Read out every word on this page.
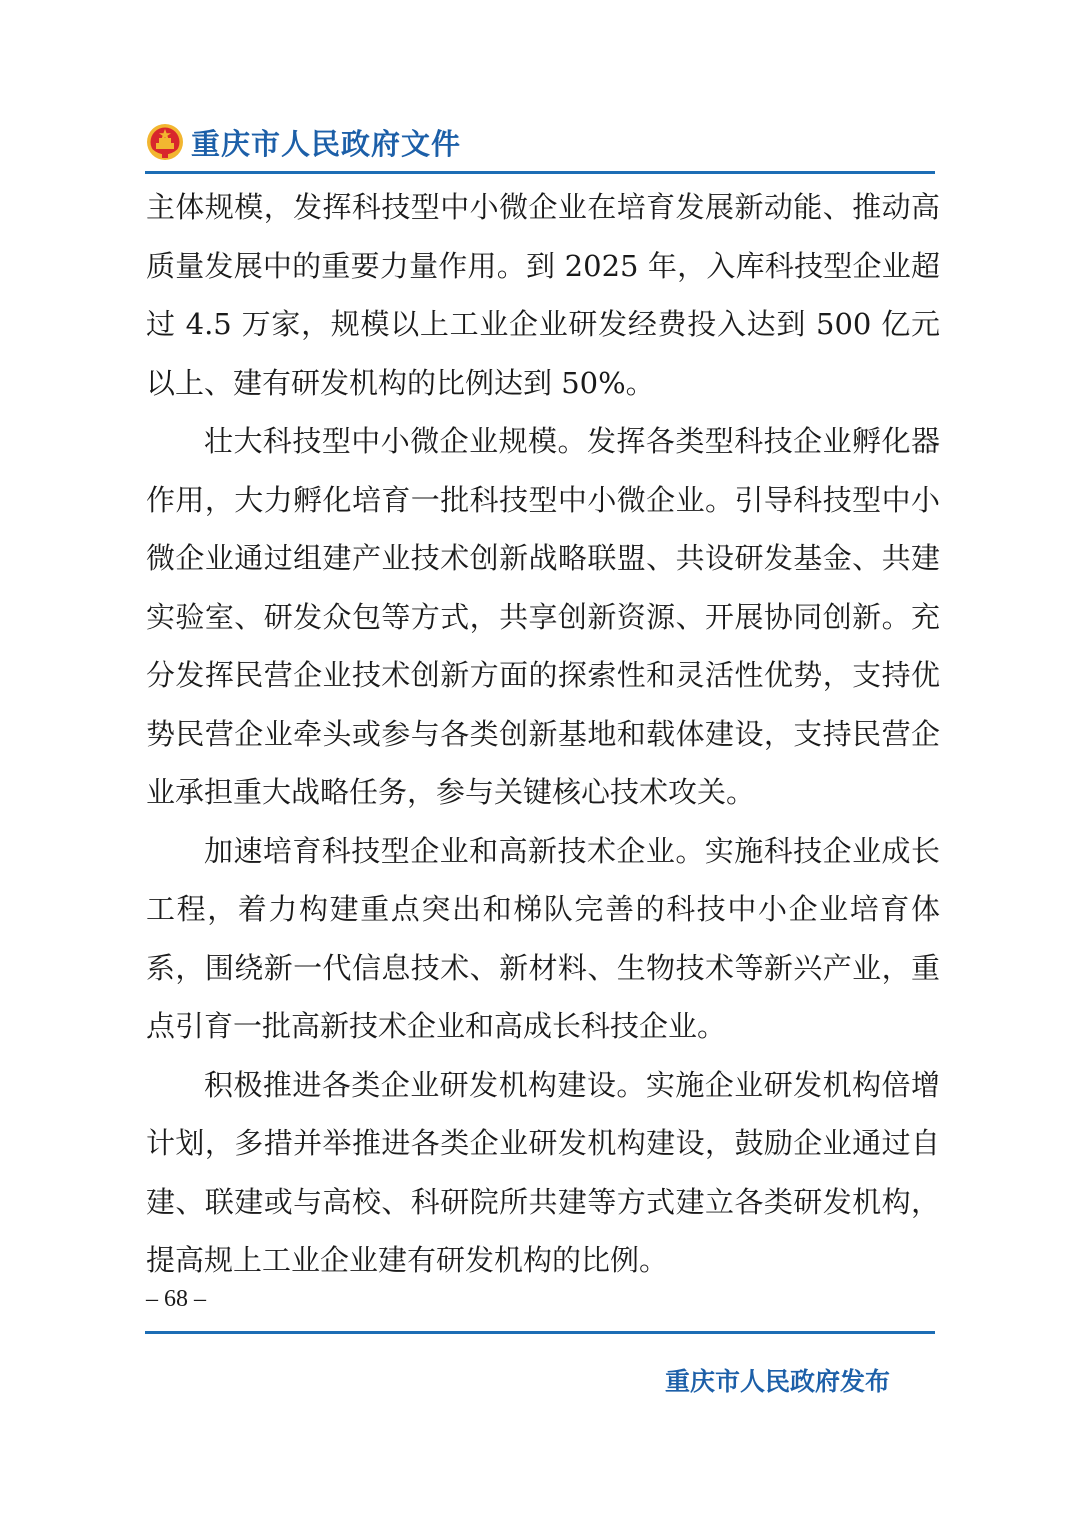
重庆市人民政府文件

主体规模，发挥科技型中小微企业在培育发展新动能、推动高质量发展中的重要力量作用。到 2025 年，入库科技型企业超过 4.5 万家，规模以上工业企业研发经费投入达到 500 亿元以上、建有研发机构的比例达到 50%。

壮大科技型中小微企业规模。发挥各类型科技企业孵化器作用，大力孵化培育一批科技型中小微企业。引导科技型中小微企业通过组建产业技术创新战略联盟、共设研发基金、共建实验室、研发众包等方式，共享创新资源、开展协同创新。充分发挥民营企业技术创新方面的探索性和灵活性优势，支持优势民营企业牵头或参与各类创新基地和载体建设，支持民营企业承担重大战略任务，参与关键核心技术攻关。

加速培育科技型企业和高新技术企业。实施科技企业成长工程，着力构建重点突出和梯队完善的科技中小企业培育体系，围绕新一代信息技术、新材料、生物技术等新兴产业，重点引育一批高新技术企业和高成长科技企业。

积极推进各类企业研发机构建设。实施企业研发机构倍增计划，多措并举推进各类企业研发机构建设，鼓励企业通过自建、联建或与高校、科研院所共建等方式建立各类研发机构，提高规上工业企业建有研发机构的比例。

– 68 –
重庆市人民政府发布
